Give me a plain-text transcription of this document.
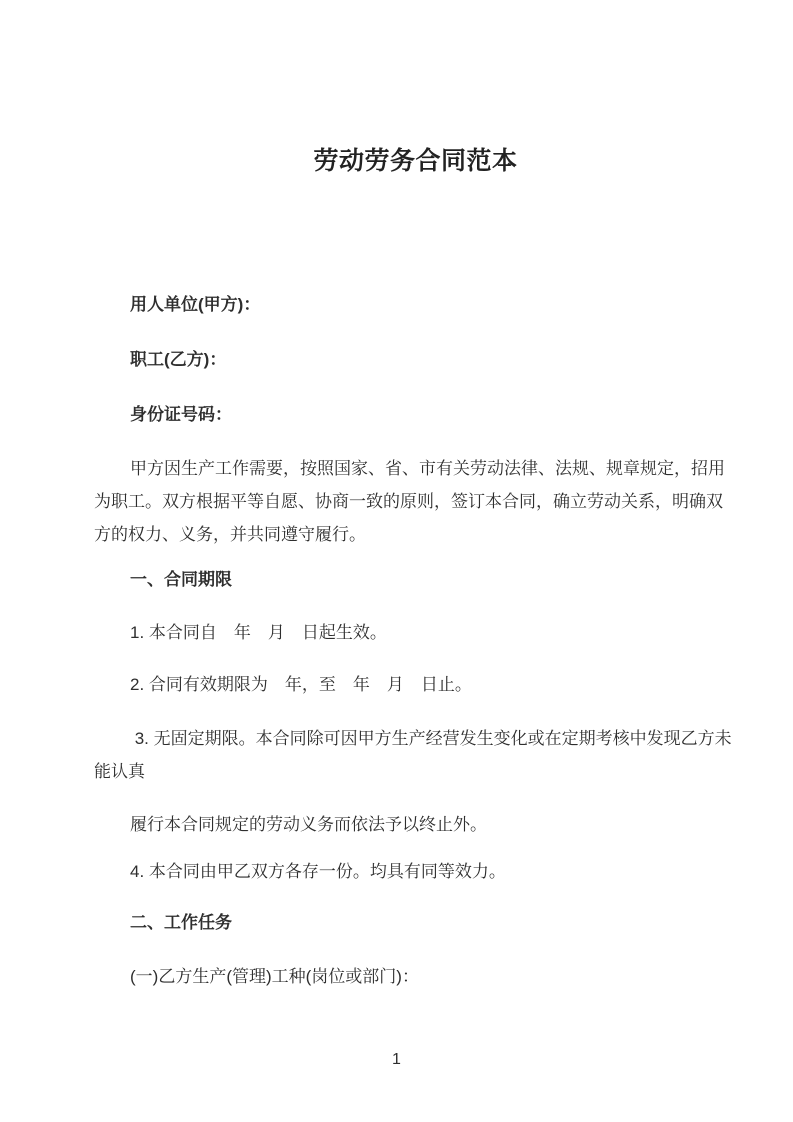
劳动劳务合同范本
用人单位(甲方)：
职工(乙方)：
身份证号码：
甲方因生产工作需要，按照国家、省、市有关劳动法律、法规、规章规定，招用
为职工。双方根据平等自愿、协商一致的原则，签订本合同，确立劳动关系，明确双
方的权力、义务，并共同遵守履行。
一、合同期限
1. 本合同自　年　月　日起生效。
2. 合同有效期限为　年，至　年　月　日止。
3. 无固定期限。本合同除可因甲方生产经营发生变化或在定期考核中发现乙方未
能认真
履行本合同规定的劳动义务而依法予以终止外。
4. 本合同由甲乙双方各存一份。均具有同等效力。
二、工作任务
(一)乙方生产(管理)工种(岗位或部门)：
1
